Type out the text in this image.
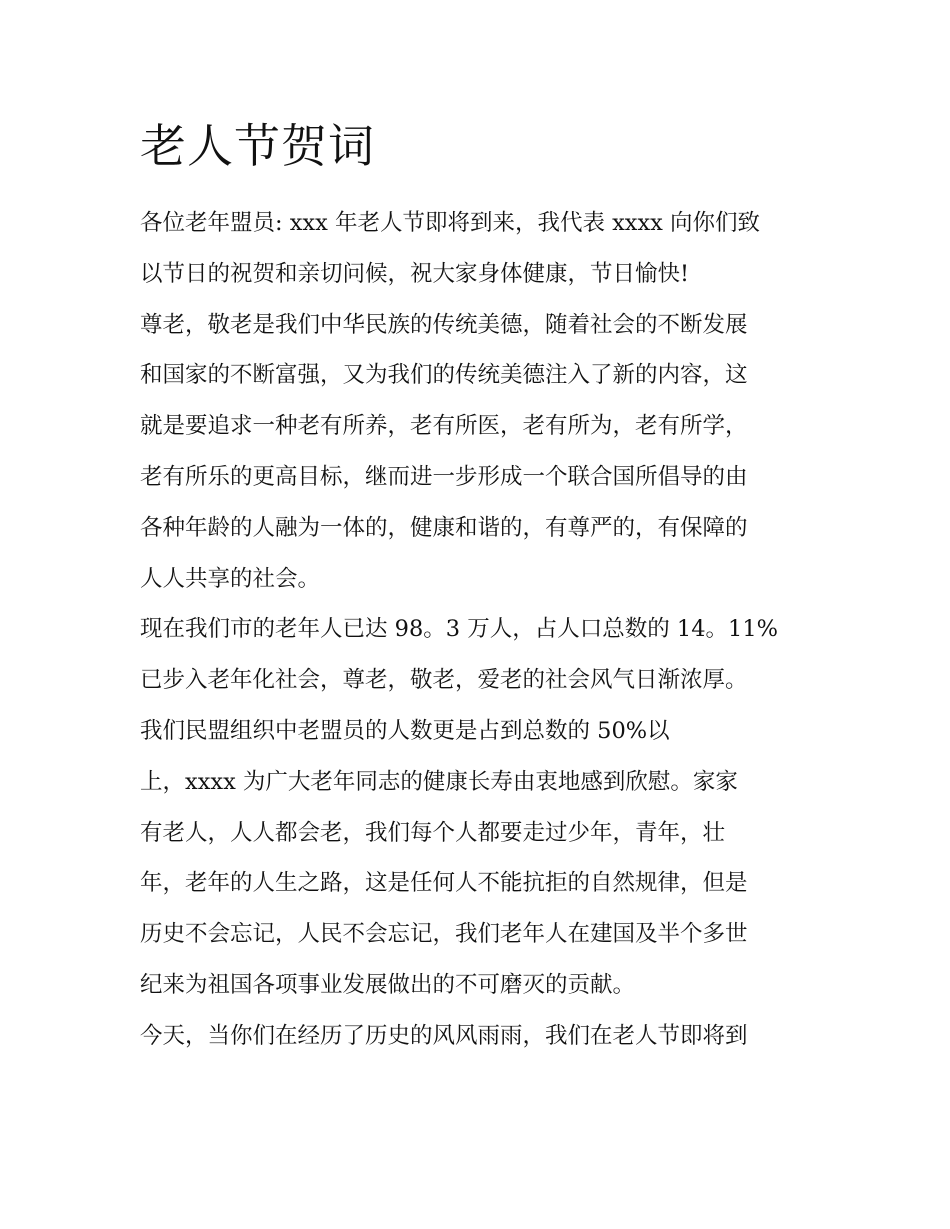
老人节贺词
各位老年盟员: xxx 年老人节即将到来，我代表 xxxx 向你们致
以节日的祝贺和亲切问候，祝大家身体健康，节日愉快!
尊老，敬老是我们中华民族的传统美德，随着社会的不断发展
和国家的不断富强，又为我们的传统美德注入了新的内容，这
就是要追求一种老有所养，老有所医，老有所为，老有所学，
老有所乐的更高目标，继而进一步形成一个联合国所倡导的由
各种年龄的人融为一体的，健康和谐的，有尊严的，有保障的
人人共享的社会。
现在我们市的老年人已达 98。3 万人，占人口总数的 14。11%
已步入老年化社会，尊老，敬老，爱老的社会风气日渐浓厚。
我们民盟组织中老盟员的人数更是占到总数的 50%以
上，xxxx 为广大老年同志的健康长寿由衷地感到欣慰。家家
有老人，人人都会老，我们每个人都要走过少年，青年，壮
年，老年的人生之路，这是任何人不能抗拒的自然规律，但是
历史不会忘记，人民不会忘记，我们老年人在建国及半个多世
纪来为祖国各项事业发展做出的不可磨灭的贡献。
今天，当你们在经历了历史的风风雨雨，我们在老人节即将到
